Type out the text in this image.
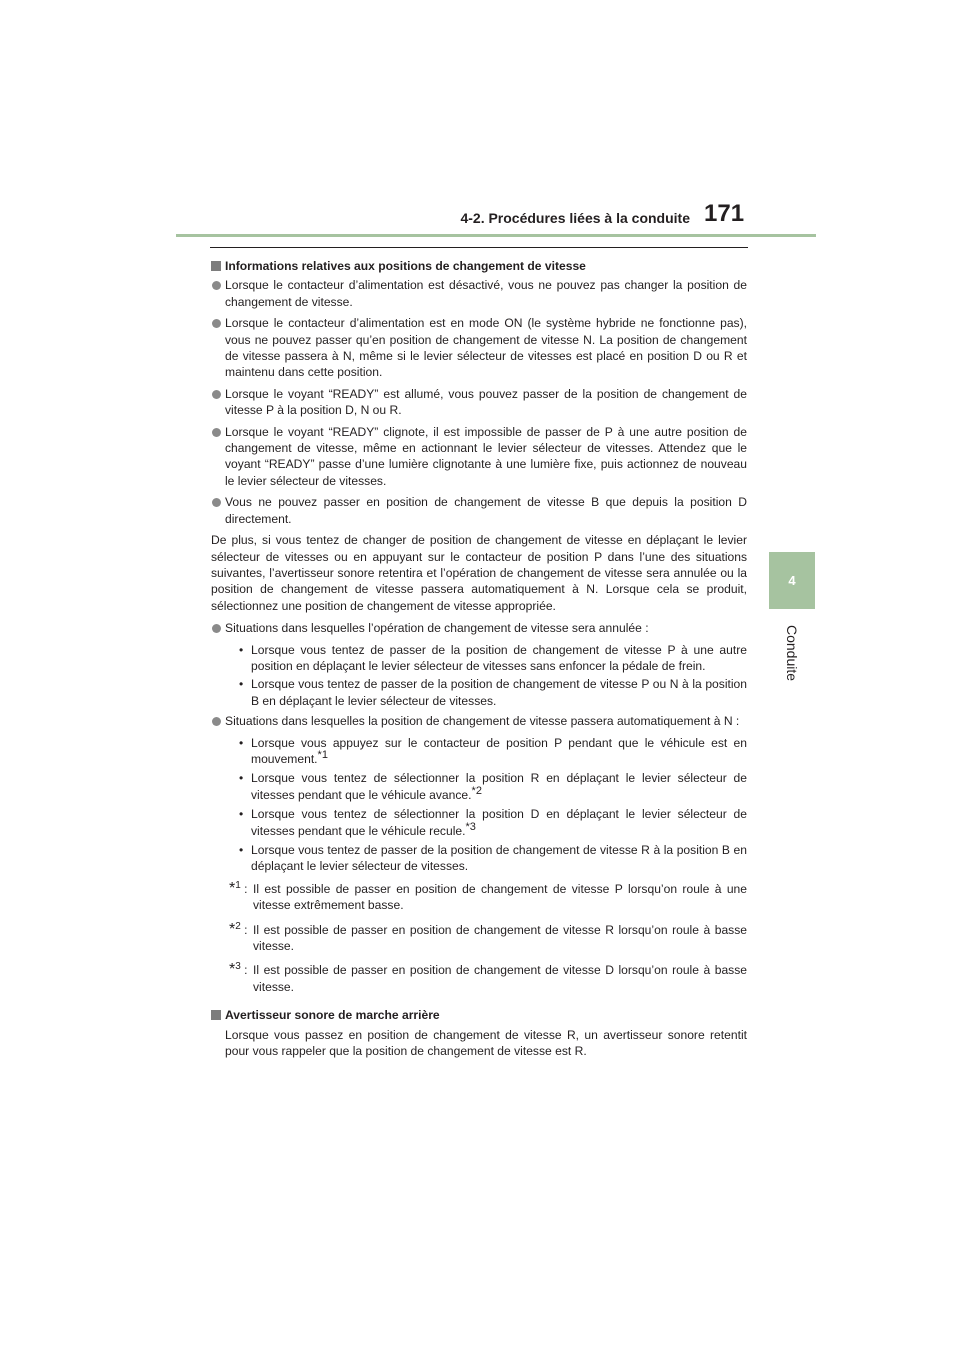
4-2. Procédures liées à la conduite 171
4
Conduite
Informations relatives aux positions de changement de vitesse
Lorsque le contacteur d’alimentation est désactivé, vous ne pouvez pas changer la position de changement de vitesse.
Lorsque le contacteur d’alimentation est en mode ON (le système hybride ne fonctionne pas), vous ne pouvez passer qu’en position de changement de vitesse N. La position de changement de vitesse passera à N, même si le levier sélecteur de vitesses est placé en position D ou R et maintenu dans cette position.
Lorsque le voyant “READY” est allumé, vous pouvez passer de la position de changement de vitesse P à la position D, N ou R.
Lorsque le voyant “READY” clignote, il est impossible de passer de P à une autre position de changement de vitesse, même en actionnant le levier sélecteur de vitesses. Attendez que le voyant “READY” passe d’une lumière clignotante à une lumière fixe, puis actionnez de nouveau le levier sélecteur de vitesses.
Vous ne pouvez passer en position de changement de vitesse B que depuis la position D directement.
De plus, si vous tentez de changer de position de changement de vitesse en déplaçant le levier sélecteur de vitesses ou en appuyant sur le contacteur de position P dans l’une des situations suivantes, l’avertisseur sonore retentira et l’opération de changement de vitesse sera annulée ou la position de changement de vitesse passera automatiquement à N. Lorsque cela se produit, sélectionnez une position de changement de vitesse appropriée.
Situations dans lesquelles l’opération de changement de vitesse sera annulée :
• Lorsque vous tentez de passer de la position de changement de vitesse P à une autre position en déplaçant le levier sélecteur de vitesses sans enfoncer la pédale de frein.
• Lorsque vous tentez de passer de la position de changement de vitesse P ou N à la position B en déplaçant le levier sélecteur de vitesses.
Situations dans lesquelles la position de changement de vitesse passera automatiquement à N :
• Lorsque vous appuyez sur le contacteur de position P pendant que le véhicule est en mouvement.$^{*1}$
• Lorsque vous tentez de sélectionner la position R en déplaçant le levier sélecteur de vitesses pendant que le véhicule avance.$^{*2}$
• Lorsque vous tentez de sélectionner la position D en déplaçant le levier sélecteur de vitesses pendant que le véhicule recule.$^{*3}$
• Lorsque vous tentez de passer de la position de changement de vitesse R à la position B en déplaçant le levier sélecteur de vitesses.
*$^1$ : Il est possible de passer en position de changement de vitesse P lorsqu’on roule à une vitesse extrêmement basse.
*$^2$ : Il est possible de passer en position de changement de vitesse R lorsqu’on roule à basse vitesse.
*$^3$ : Il est possible de passer en position de changement de vitesse D lorsqu’on roule à basse vitesse.
Avertisseur sonore de marche arrière
Lorsque vous passez en position de changement de vitesse R, un avertisseur sonore retentit pour vous rappeler que la position de changement de vitesse est R.
